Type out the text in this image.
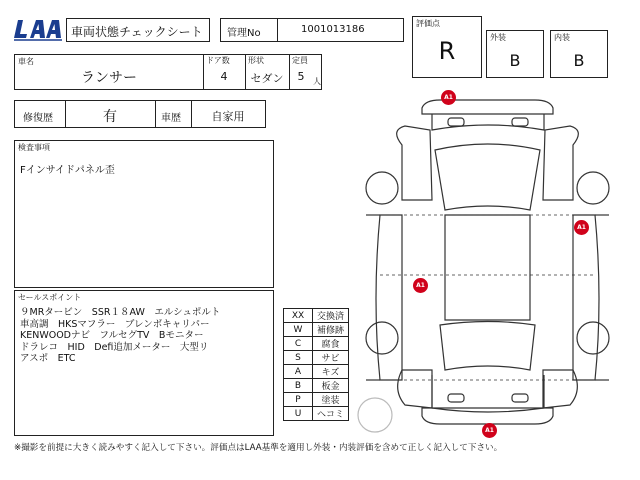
車両状態チェックシート 管理No	1001013186
評価点
R	外装
B
内装
B
車名
ランサー
ドア数
4
形状
セダン
定員
5	人
修復歴	有	車歴	自家用
検査事項
Fインサイドパネル歪
セールスポイント
９MRタービン　SSR１８AW　エルシュポルト
車高調　HKSマフラー　ブレンボキャリパー
KENWOODナビ　フルセグTV　Bモニター
ドラレコ　HID　Defi追加メーター　大型リ
アスポ　ETC
XX	交換済
W	補修跡
C	腐食
S	サビ
A	キズ
B	板金
P	塗装
U	ヘコミ
A1
A1
A1
A1
※撮影を前提に大きく読みやすく記入して下さい。評価点はLAA基準を適用し外装・内装評価を含めて正しく記入して下さい。
